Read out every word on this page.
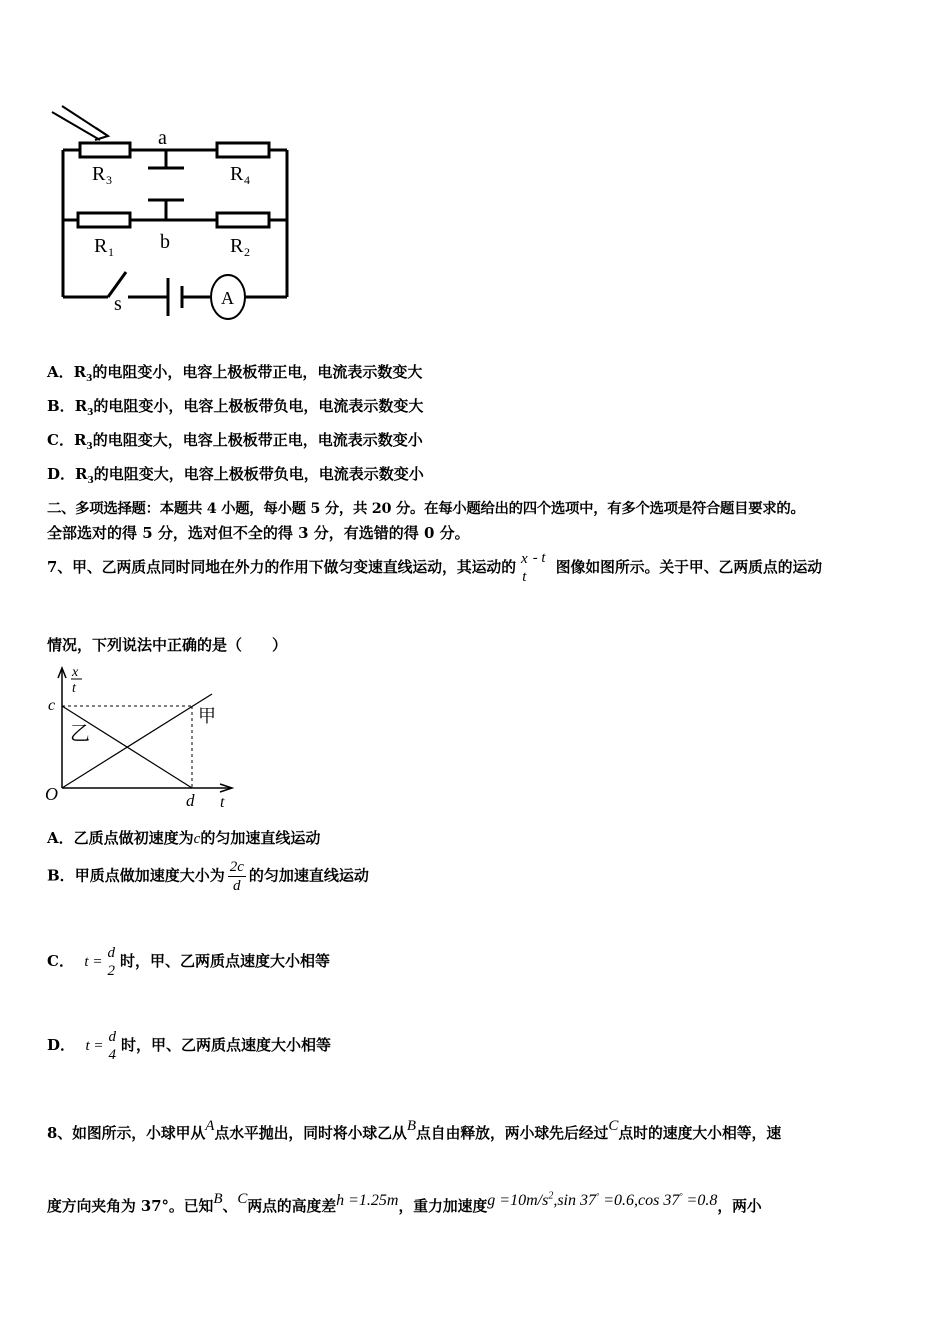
a
b
R 3	R 4
R 1	R 2
s	A
A．$R_3$的电阻变小，电容上极板带正电，电流表示数变大
B．$R_3$的电阻变小，电容上极板带负电，电流表示数变大
C．$R_3$的电阻变大，电容上极板带正电，电流表示数变小
D．$R_3$的电阻变大，电容上极板带负电，电流表示数变小
二、多项选择题：本题共 4 小题，每小题 5 分，共 20 分。在每小题给出的四个选项中，有多个选项是符合题目要求的。
全部选对的得 5 分，选对但不全的得 3 分，有选错的得 0 分。
7、甲、乙两质点同时同地在外力的作用下做匀变速直线运动，其运动的 x
t
- t  图像如图所示。关于甲、乙两质点的运动
情况，下列说法中正确的是（　　）
x
t
c
O	d t
甲
乙
A．乙质点做初速度为c的匀加速直线运动
B．甲质点做加速度大小为 $\frac{2c}{d}$ 的匀加速直线运动
C． t =
d
2
时，甲、乙两质点速度大小相等
D． t =
d
4
时，甲、乙两质点速度大小相等
8、如图所示，小球甲从A点水平抛出，同时将小球乙从B点自由释放，两小球先后经过C点时的速度大小相等，速
度方向夹角为 37°。已知B、C两点的高度差h =1.25m，重力加速度$g =10m/s^2,\sin$ 37° =0.6,cos 37° =0.8，两小
